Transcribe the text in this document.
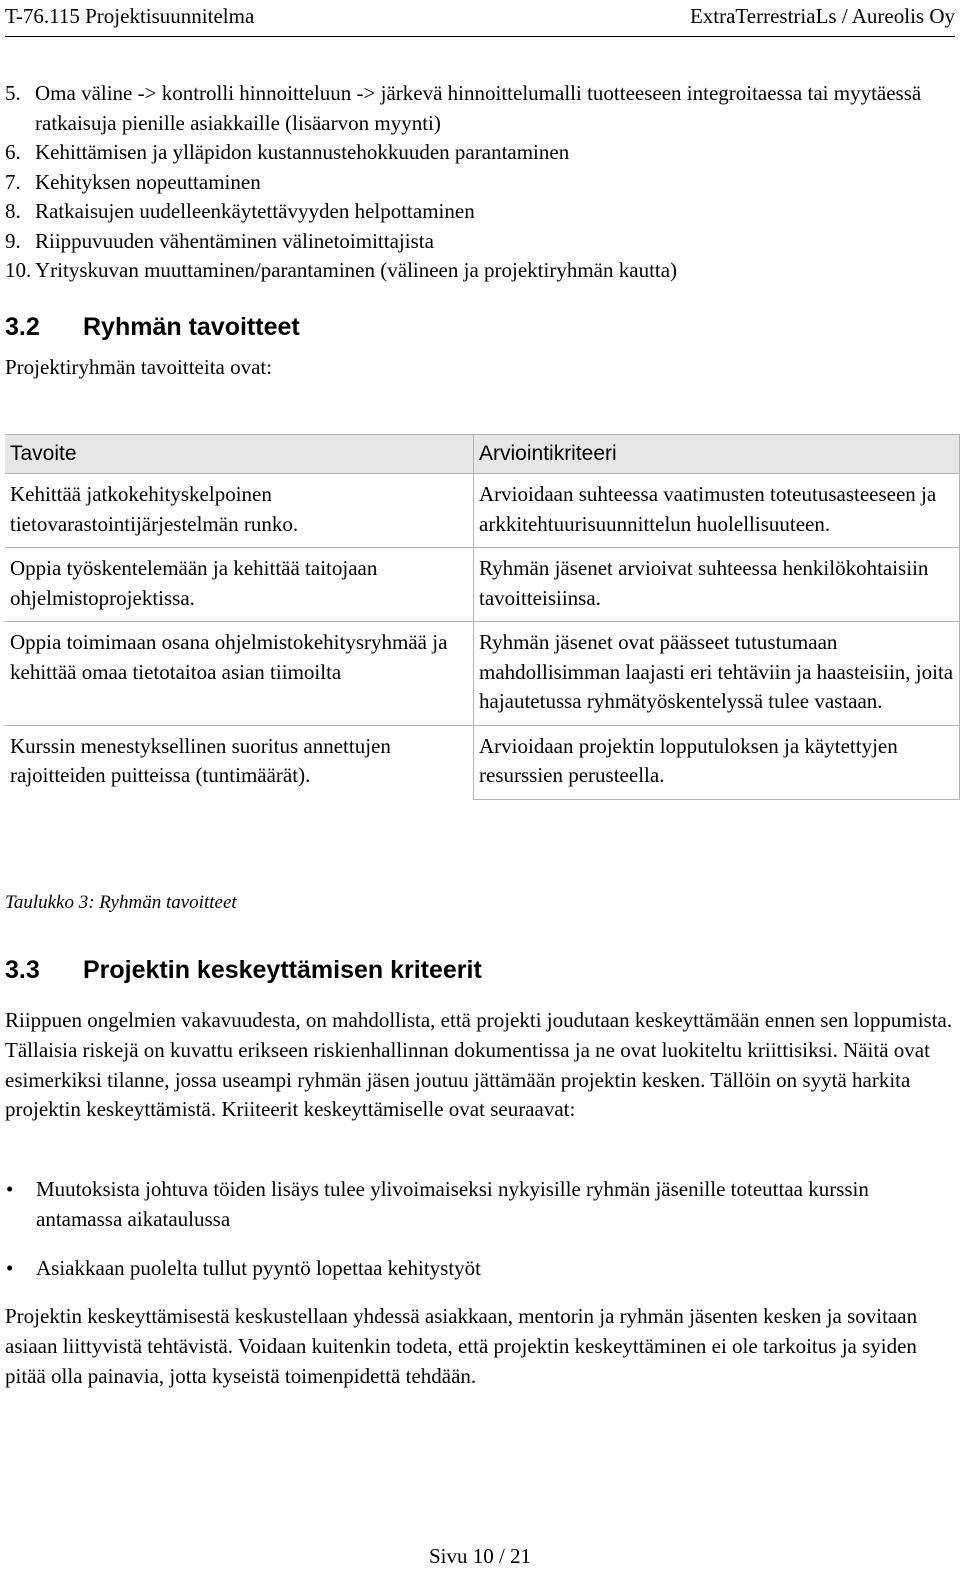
T-76.115 Projektisuunnitelma	ExtraTerrestriaLs / Aureolis Oy
5. Oma väline -> kontrolli hinnoitteluun -> järkevä hinnoittelumalli tuotteeseen integroitaessa tai myytäessä ratkaisuja pienille asiakkaille (lisäarvon myynti)
6. Kehittämisen ja ylläpidon kustannustehokkuuden parantaminen
7. Kehityksen nopeuttaminen
8. Ratkaisujen uudelleenkäytettävyyden helpottaminen
9. Riippuvuuden vähentäminen välinetoimittajista
10. Yrityskuvan muuttaminen/parantaminen (välineen ja projektiryhmän kautta)
3.2 Ryhmän tavoitteet
Projektiryhmän tavoitteita ovat:
Tavoite	Arviointikriteeri
Kehittää jatkokehityskelpoinen tietovarastointijärjestelmän runko.	Arvioidaan suhteessa vaatimusten toteutusasteeseen ja arkkitehtuurisuunnittelun huolellisuuteen.
Oppia työskentelemään ja kehittää taitojaan ohjelmistoprojektissa.	Ryhmän jäsenet arvioivat suhteessa henkilökohtaisiin tavoitteisiinsa.
Oppia toimimaan osana ohjelmistokehitysryhmää ja kehittää omaa tietotaitoa asian tiimoilta	Ryhmän jäsenet ovat päässeet tutustumaan mahdollisimman laajasti eri tehtäviin ja haasteisiin, joita hajautetussa ryhmätyöskentelyssä tulee vastaan.
Kurssin menestyksellinen suoritus annettujen rajoitteiden puitteissa (tuntimäärät).	Arvioidaan projektin lopputuloksen ja käytettyjen resurssien perusteella.
Taulukko 3: Ryhmän tavoitteet
3.3 Projektin keskeyttämisen kriteerit
Riippuen ongelmien vakavuudesta, on mahdollista, että projekti joudutaan keskeyttämään ennen sen loppumista. Tällaisia riskejä on kuvattu erikseen riskienhallinnan dokumentissa ja ne ovat luokiteltu kriittisiksi. Näitä ovat esimerkiksi tilanne, jossa useampi ryhmän jäsen joutuu jättämään projektin kesken. Tällöin on syytä harkita projektin keskeyttämistä. Kriiteerit keskeyttämiselle ovat seuraavat:
•	Muutoksista johtuva töiden lisäys tulee ylivoimaiseksi nykyisille ryhmän jäsenille toteuttaa kurssin antamassa aikataulussa
•	Asiakkaan puolelta tullut pyyntö lopettaa kehitystyöt
Projektin keskeyttämisestä keskustellaan yhdessä asiakkaan, mentorin ja ryhmän jäsenten kesken ja sovitaan asiaan liittyvistä tehtävistä. Voidaan kuitenkin todeta, että projektin keskeyttäminen ei ole tarkoitus ja syiden pitää olla painavia, jotta kyseistä toimenpidettä tehdään.
Sivu 10 / 21
